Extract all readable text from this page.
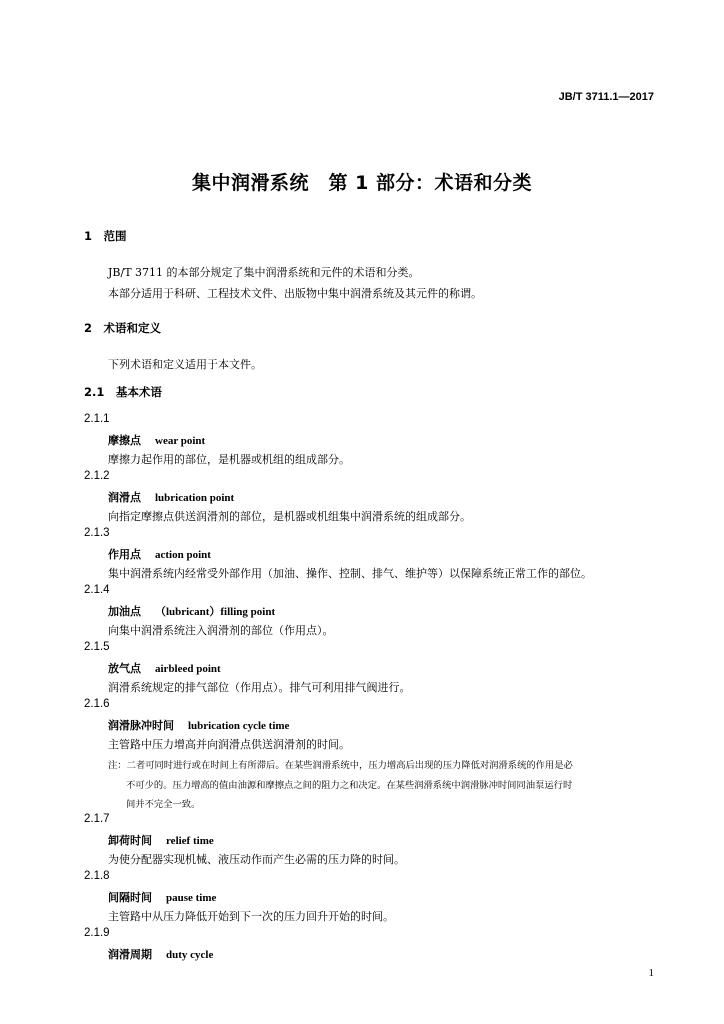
JB/T 3711.1—2017
集中润滑系统　第 1 部分：术语和分类
1　范围
JB/T 3711 的本部分规定了集中润滑系统和元件的术语和分类。
本部分适用于科研、工程技术文件、出版物中集中润滑系统及其元件的称谓。
2　术语和定义
下列术语和定义适用于本文件。
2.1　基本术语
2.1.1
摩擦点 wear point
摩擦力起作用的部位，是机器或机组的组成部分。
2.1.2
润滑点 lubrication point
向指定摩擦点供送润滑剂的部位，是机器或机组集中润滑系统的组成部分。
2.1.3
作用点 action point
集中润滑系统内经常受外部作用（加油、操作、控制、排气、维护等）以保障系统正常工作的部位。
2.1.4
加油点 （lubricant）filling point
向集中润滑系统注入润滑剂的部位（作用点）。
2.1.5
放气点 airbleed point
润滑系统规定的排气部位（作用点）。排气可利用排气阀进行。
2.1.6
润滑脉冲时间 lubrication cycle time
主管路中压力增高并向润滑点供送润滑剂的时间。
注：二者可同时进行或在时间上有所滞后。在某些润滑系统中，压力增高后出现的压力降低对润滑系统的作用是必
不可少的。压力增高的值由油源和摩擦点之间的阻力之和决定。在某些润滑系统中润滑脉冲时间同油泵运行时
间并不完全一致。
2.1.7
卸荷时间 relief time
为使分配器实现机械、液压动作而产生必需的压力降的时间。
2.1.8
间隔时间 pause time
主管路中从压力降低开始到下一次的压力回升开始的时间。
2.1.9
润滑周期 duty cycle
1
